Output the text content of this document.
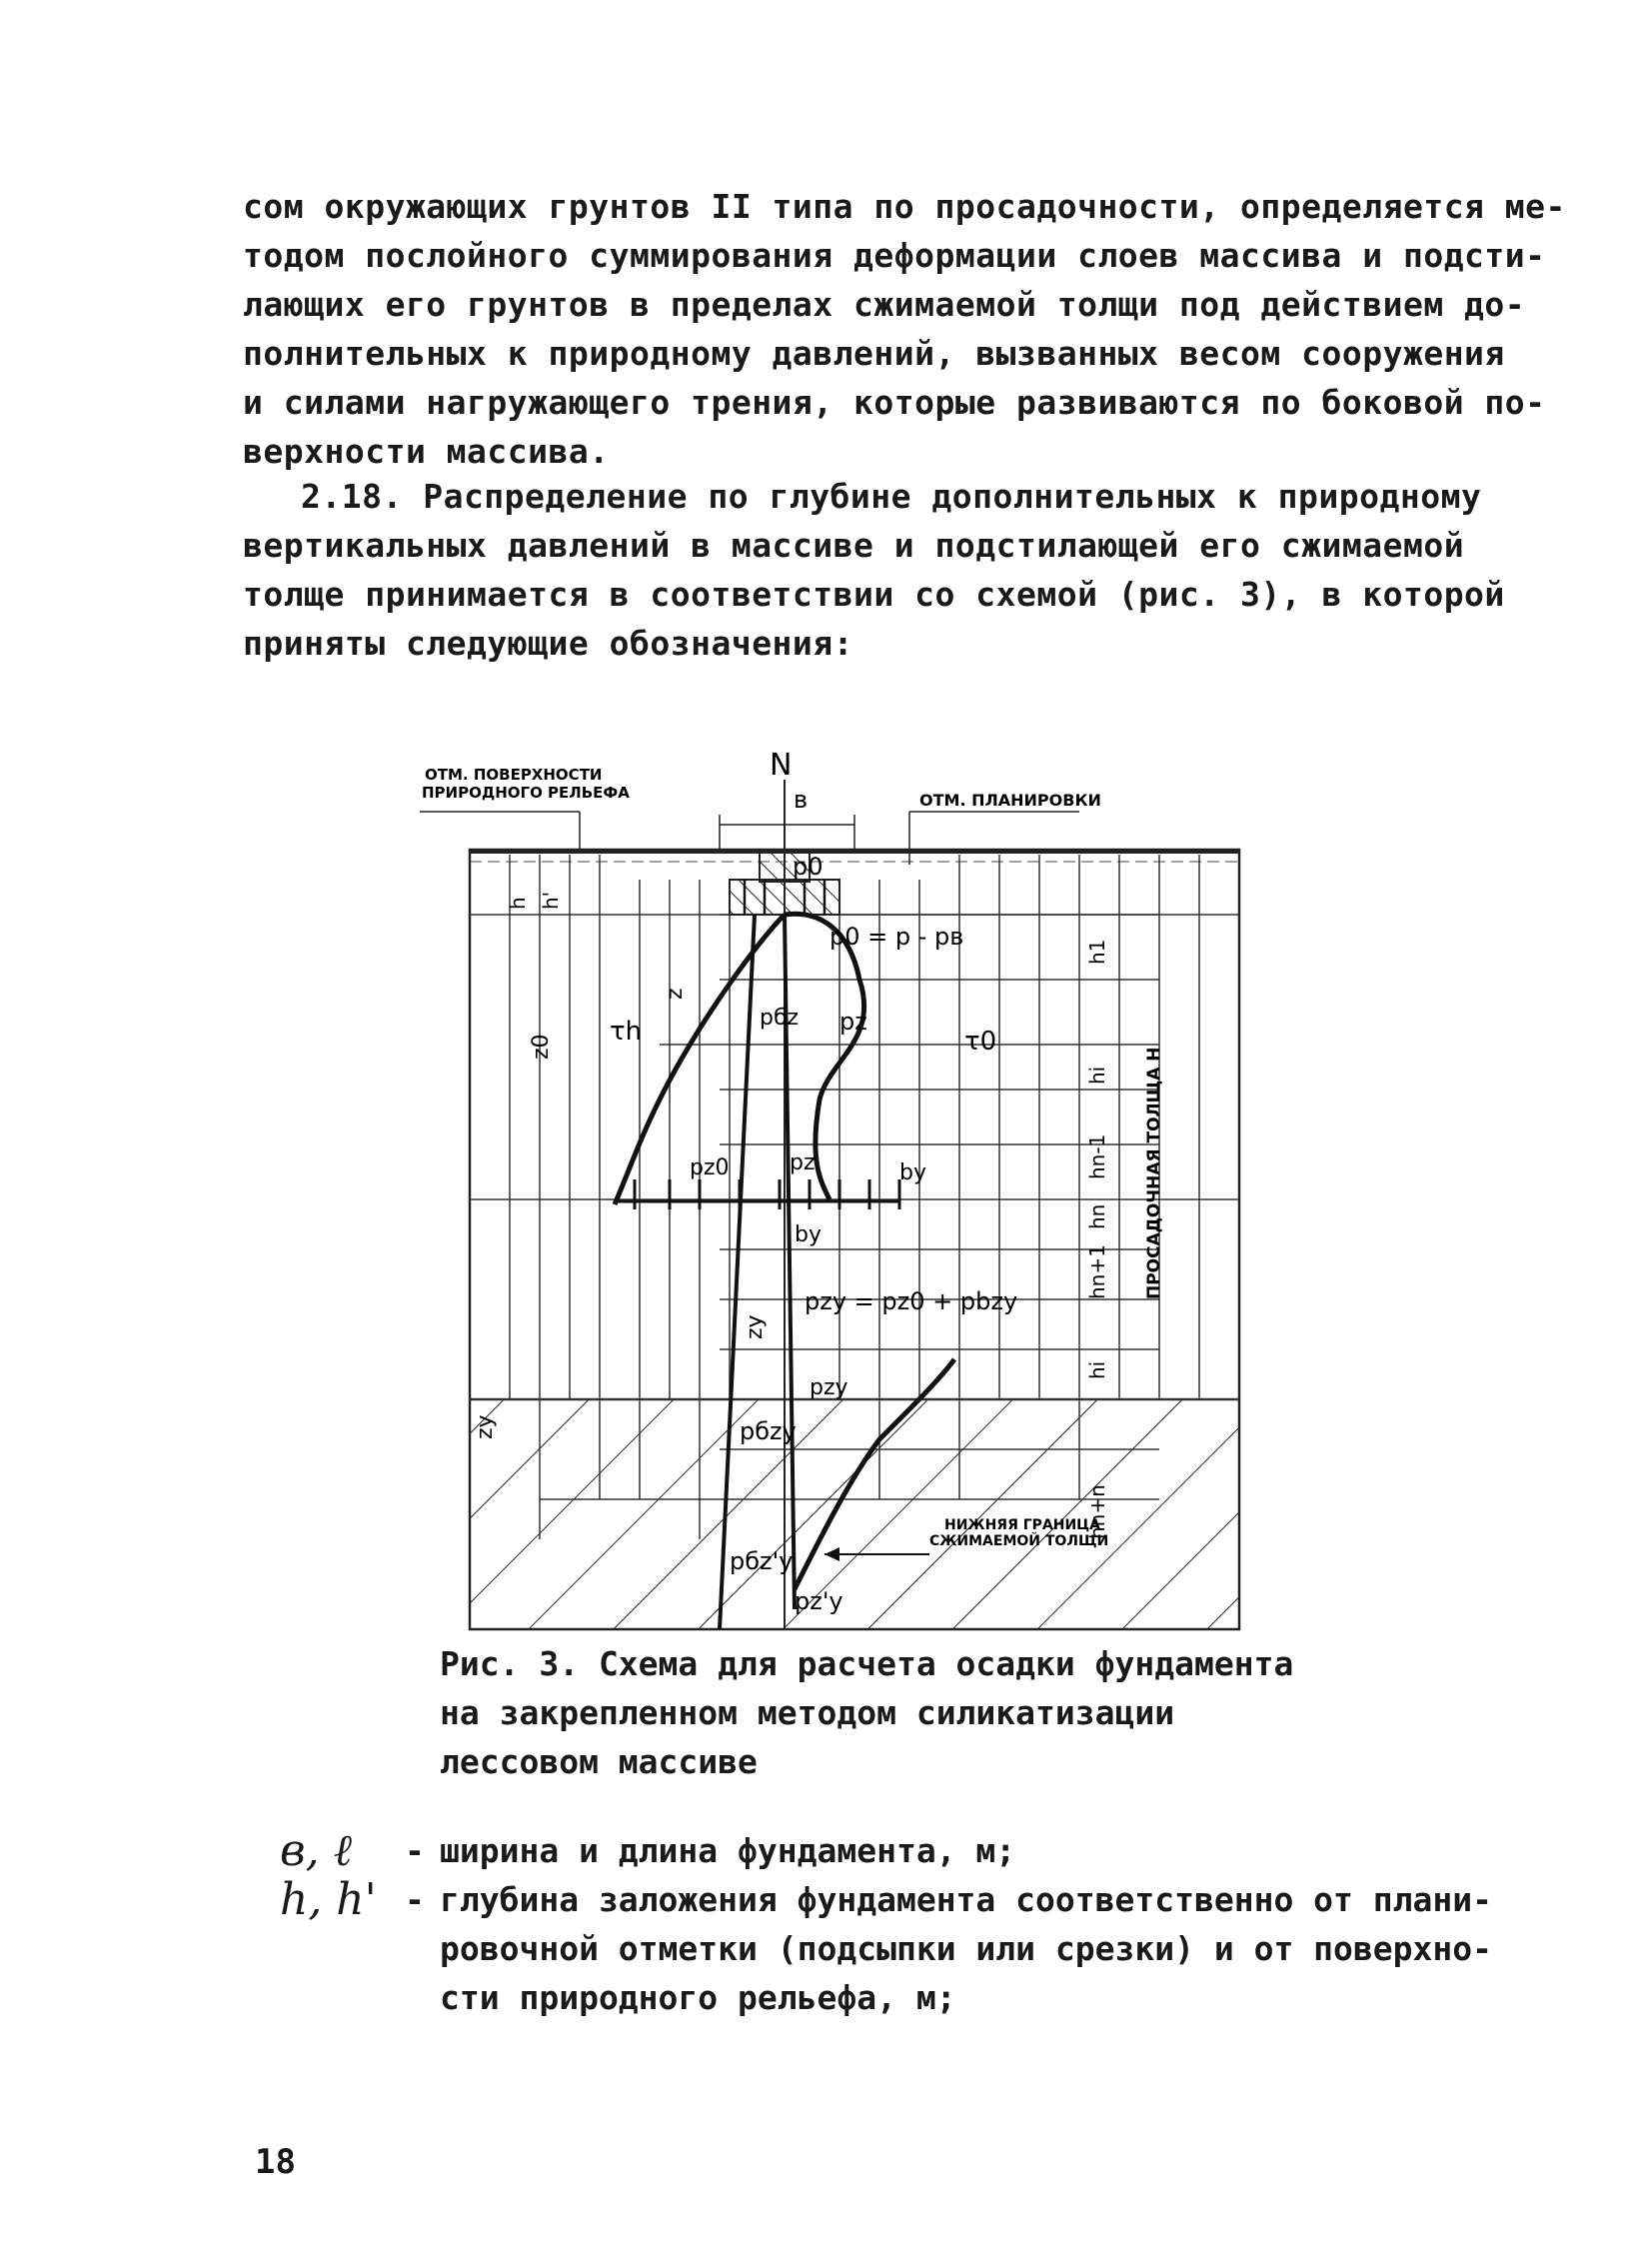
сом окружающих грунтов II типа по просадочности, определяется ме-
тодом послойного суммирования деформации слоев массива и подсти-
лающих его грунтов в пределах сжимаемой толщи под действием до-
полнительных к природному давлений, вызванных весом сооружения
и силами нагружающего трения, которые развиваются по боковой по-
верхности массива.
2.18. Распределение по глубине дополнительных к природному
вертикальных давлений в массиве и подстилающей его сжимаемой
толще принимается в соответствии со схемой (рис. 3), в которой
приняты следующие обозначения:
ОТМ. ПОВЕРХНОСТИ
ПРИРОДНОГО РЕЛЬЕФА	ОТМ. ПЛАНИРОВКИ
N
в
p0
p0 = p - pв
pбz pz
τh	τ0
z0
z
pz0	pz	bу
bу
pzу = pz0 + pbzу
zу
pzу
pбzу
pбz'у
pz'у
zу
h h'
h1
hi
hn-1
hn
hn+1
hi
hn+n
ПРОСАДОЧНАЯ ТОЛЩА H
НИЖНЯЯ ГРАНИЦА
СЖИМАЕМОЙ ТОЛЩИ
Рис. 3. Схема для расчета осадки фундамента
на закрепленном методом силикатизации
лессовом массиве
в, ℓ	- ширина и длина фундамента, м;
h, h' - глубина заложения фундамента соответственно от плани-
ровочной отметки (подсыпки или срезки) и от поверхно-
сти природного рельефа, м;
18
